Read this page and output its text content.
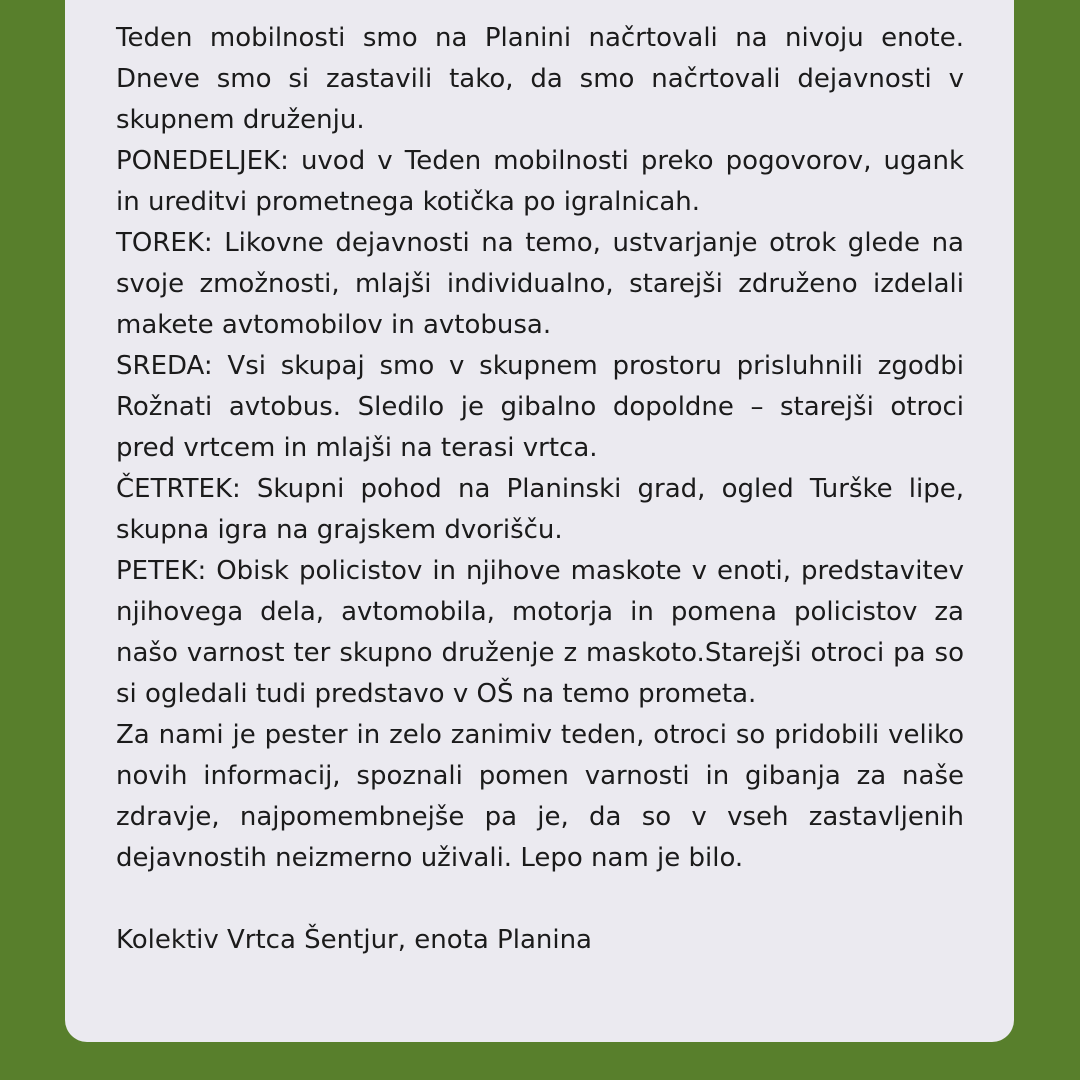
Teden mobilnosti smo na Planini načrtovali na nivoju enote. Dneve smo si zastavili tako, da smo načrtovali dejavnosti v skupnem druženju.

PONEDELJEK: uvod v Teden mobilnosti preko pogovorov, ugank in ureditvi prometnega kotička po igralnicah.

TOREK: Likovne dejavnosti na temo, ustvarjanje otrok glede na svoje zmožnosti, mlajši individualno, starejši združeno izdelali makete avtomobilov in avtobusa.

SREDA: Vsi skupaj smo v skupnem prostoru prisluhnili zgodbi Rožnati avtobus. Sledilo je gibalno dopoldne – starejši otroci pred vrtcem in mlajši na terasi vrtca.

ČETRTEK: Skupni pohod na Planinski grad, ogled Turške lipe, skupna igra na grajskem dvorišču.

PETEK: Obisk policistov in njihove maskote v enoti, predstavitev njihovega dela, avtomobila, motorja in pomena policistov za našo varnost ter skupno druženje z maskoto.Starejši otroci pa so si ogledali tudi predstavo v OŠ na temo prometa.

Za nami je pester in zelo zanimiv teden, otroci so pridobili veliko novih informacij, spoznali pomen varnosti in gibanja za naše zdravje, najpomembnejše pa je, da so v vseh zastavljenih dejavnostih neizmerno uživali. Lepo nam je bilo.

Kolektiv Vrtca Šentjur, enota Planina
